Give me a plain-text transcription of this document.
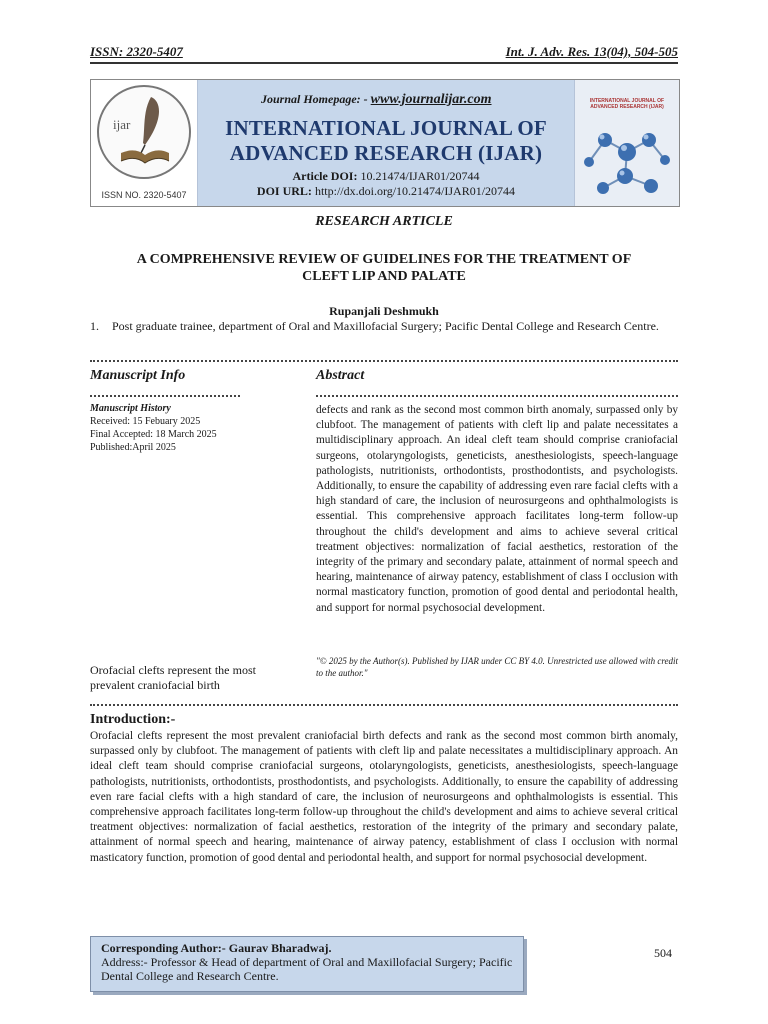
ISSN: 2320-5407	Int. J. Adv. Res. 13(04), 504-505
ijar
ISSN NO. 2320-5407
Journal Homepage: - www.journalijar.com
INTERNATIONAL JOURNAL OF
ADVANCED RESEARCH (IJAR)
Article DOI: 10.21474/IJAR01/20744
DOI URL: http://dx.doi.org/10.21474/IJAR01/20744
INTERNATIONAL JOURNAL OF ADVANCED RESEARCH (IJAR)
RESEARCH ARTICLE
A COMPREHENSIVE REVIEW OF GUIDELINES FOR THE TREATMENT OF
CLEFT LIP AND PALATE
Rupanjali Deshmukh
1. Post graduate trainee, department of Oral and Maxillofacial Surgery; Pacific Dental College and Research Centre.
Manuscript Info	Abstract
Manuscript History
Received: 15 Febuary 2025
Final Accepted: 18 March 2025
Published:April 2025
defects and rank as the second most common birth anomaly, surpassed only by clubfoot. The management of patients with cleft lip and palate necessitates a multidisciplinary approach. An ideal cleft team should comprise craniofacial surgeons, otolaryngologists, geneticists, anesthesiologists, speech-language pathologists, nutritionists, orthodontists, prosthodontists, and psychologists. Additionally, to ensure the capability of addressing even rare facial clefts with a high standard of care, the inclusion of neurosurgeons and ophthalmologists is essential. This comprehensive approach facilitates long-term follow-up throughout the child's development and aims to achieve several critical treatment objectives: normalization of facial aesthetics, restoration of the integrity of the primary and secondary palate, attainment of normal speech and hearing, maintenance of airway patency, establishment of class I occlusion with normal masticatory function, promotion of good dental and periodontal health, and support for normal psychosocial development.
"© 2025 by the Author(s). Published by IJAR under CC BY 4.0. Unrestricted use allowed with credit to the author."
Orofacial clefts represent the most prevalent craniofacial birth
Introduction:-
Orofacial clefts represent the most prevalent craniofacial birth defects and rank as the second most common birth anomaly, surpassed only by clubfoot. The management of patients with cleft lip and palate necessitates a multidisciplinary approach. An ideal cleft team should comprise craniofacial surgeons, otolaryngologists, geneticists, anesthesiologists, speech-language pathologists, nutritionists, orthodontists, prosthodontists, and psychologists. Additionally, to ensure the capability of addressing even rare facial clefts with a high standard of care, the inclusion of neurosurgeons and ophthalmologists is essential. This comprehensive approach facilitates long-term follow-up throughout the child's development and aims to achieve several critical treatment objectives: normalization of facial aesthetics, restoration of the integrity of the primary and secondary palate, attainment of normal speech and hearing, maintenance of airway patency, establishment of class I occlusion with normal masticatory function, promotion of good dental and periodontal health, and support for normal psychosocial development.
Corresponding Author:- Gaurav Bharadwaj.
Address:- Professor & Head of department of Oral and Maxillofacial Surgery; Pacific Dental College and Research Centre.
504
